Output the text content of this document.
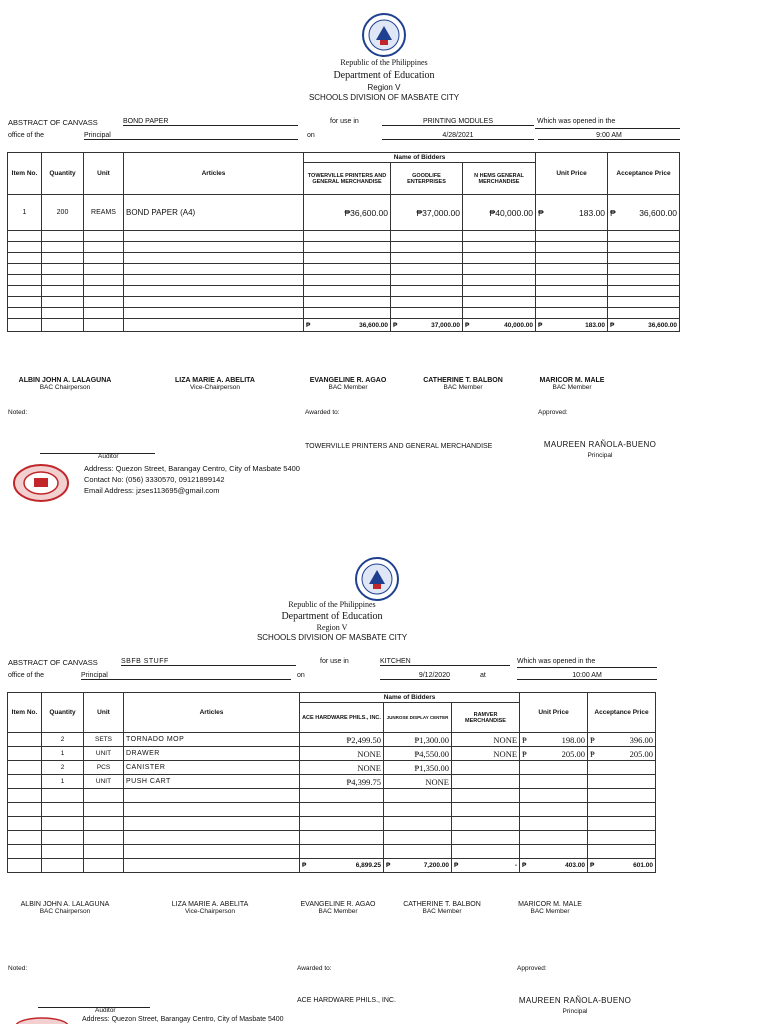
Republic of the Philippines
Department of Education
Region V
SCHOOLS DIVISION OF MASBATE CITY
ABSTRACT OF CANVASS	BOND PAPER	for use in	PRINTING MODULES	Which was opened in the
office of the	Principal	on	4/28/2021	9:00 AM
Item No.	Quantity	Unit	Articles	Name of Bidders			Unit Price	Acceptance Price
				TOWERVILLE PRINTERS AND GENERAL MERCHANDISE	GOODLIFE ENTERPRISES	N HEMS GENERAL MERCHANDISE		
1	200	REAMS	BOND PAPER (A4)	₱36,600.00	₱37,000.00	₱40,000.00	₱ 183.00	₱ 36,600.00

				₱ 36,600.00	₱ 37,000.00	₱ 40,000.00	₱ 183.00	₱ 36,600.00
ALBIN JOHN A. LALAGUNA
BAC Chairperson
LIZA MARIE A. ABELITA
Vice-Chairperson
EVANGELINE R. AGAO
BAC Member
CATHERINE T. BALBON
BAC Member
MARICOR M. MALE
BAC Member
Noted:	Awarded to:	Approved:
TOWERVILLE PRINTERS AND GENERAL MERCHANDISE	MAUREEN RAÑOLA-BUENO
Principal
Auditor
Address: Quezon Street, Barangay Centro, City of Masbate 5400
Contact No: (056) 3330570, 09121899142
Email Address: jzses113695@gmail.com
Republic of the Philippines
Department of Education
Region V
SCHOOLS DIVISION OF MASBATE CITY
ABSTRACT OF CANVASS	SBFB STUFF	for use in	KITCHEN	Which was opened in the
office of the	Principal	on	9/12/2020	at	10:00 AM
Item No.	Quantity	Unit	Articles	Name of Bidders			Unit Price	Acceptance Price
				ACE HARDWARE PHILS., INC.	JUNROSE DISPLAY CENTER	RAMVER MERCHANDISE		
	2	SETS	TORNADO MOP	₱2,499.50	₱1,300.00	NONE	₱ 198.00	₱ 396.00

	1	UNIT	DRAWER	NONE	₱4,550.00	NONE	₱ 205.00	₱ 205.00

	2	PCS	CANISTER	NONE	₱1,350.00			
	1	UNIT	PUSH CART	₱4,399.75	NONE			

				₱ 6,899.25	₱ 7,200.00	₱ -	₱ 403.00	₱ 601.00
ALBIN JOHN A. LALAGUNA
BAC Chairperson
LIZA MARIE A. ABELITA
Vice-Chairperson
EVANGELINE R. AGAO
BAC Member
CATHERINE T. BALBON
BAC Member
MARICOR M. MALE
BAC Member
Noted:	Awarded to:	Approved:
ACE HARDWARE PHILS., INC.	MAUREEN RAÑOLA-BUENO
Principal
Auditor
Address: Quezon Street, Barangay Centro, City of Masbate 5400
